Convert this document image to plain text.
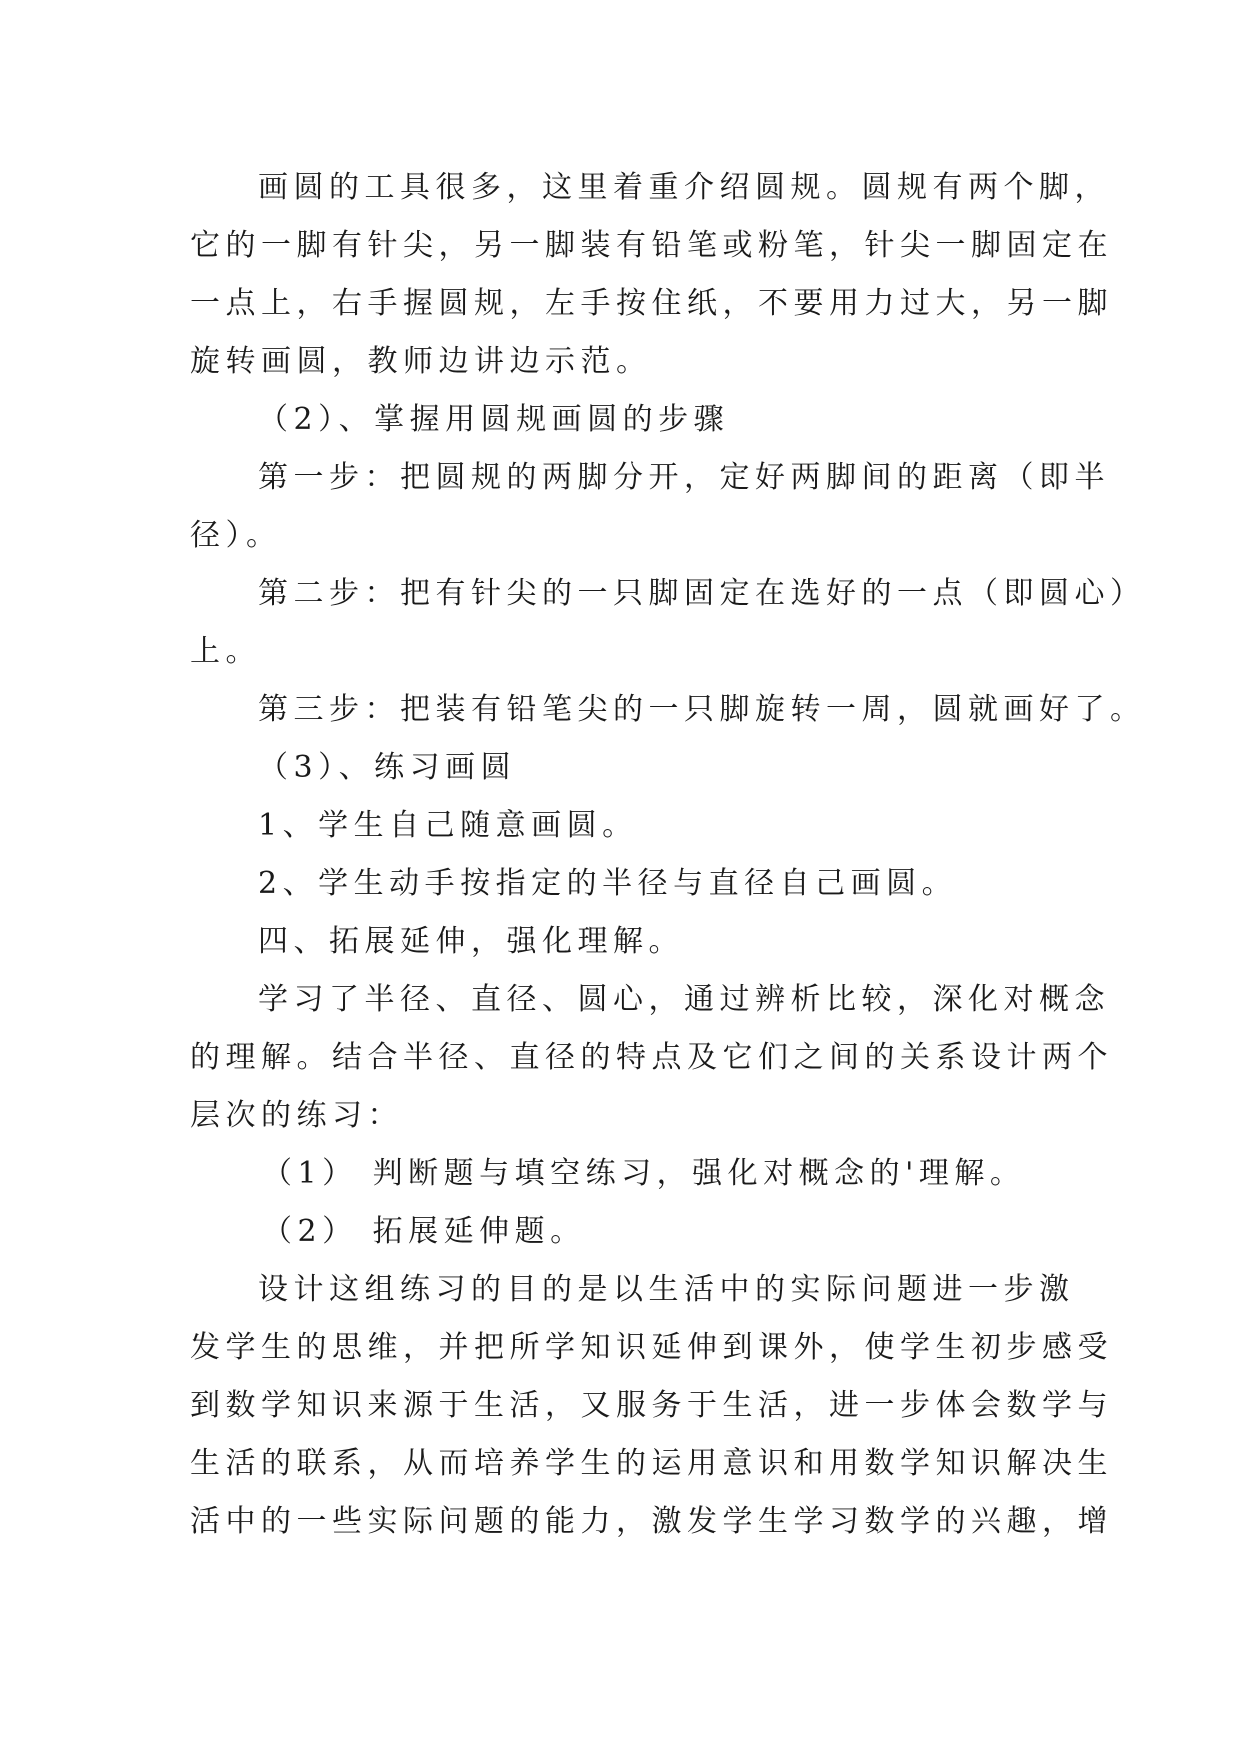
画圆的工具很多，这里着重介绍圆规。圆规有两个脚，
它的一脚有针尖，另一脚装有铅笔或粉笔，针尖一脚固定在
一点上，右手握圆规，左手按住纸，不要用力过大，另一脚
旋转画圆，教师边讲边示范。
（2）、掌握用圆规画圆的步骤
第一步：把圆规的两脚分开，定好两脚间的距离（即半
径）。
第二步：把有针尖的一只脚固定在选好的一点（即圆心）
上。
第三步：把装有铅笔尖的一只脚旋转一周，圆就画好了。
（3）、练习画圆
1、学生自己随意画圆。
2、学生动手按指定的半径与直径自己画圆。
四、拓展延伸，强化理解。
学习了半径、直径、圆心，通过辨析比较，深化对概念
的理解。结合半径、直径的特点及它们之间的关系设计两个
层次的练习：
（1） 判断题与填空练习，强化对概念的'理解。
（2） 拓展延伸题。
设计这组练习的目的是以生活中的实际问题进一步激
发学生的思维，并把所学知识延伸到课外，使学生初步感受
到数学知识来源于生活，又服务于生活，进一步体会数学与
生活的联系，从而培养学生的运用意识和用数学知识解决生
活中的一些实际问题的能力，激发学生学习数学的兴趣，增
